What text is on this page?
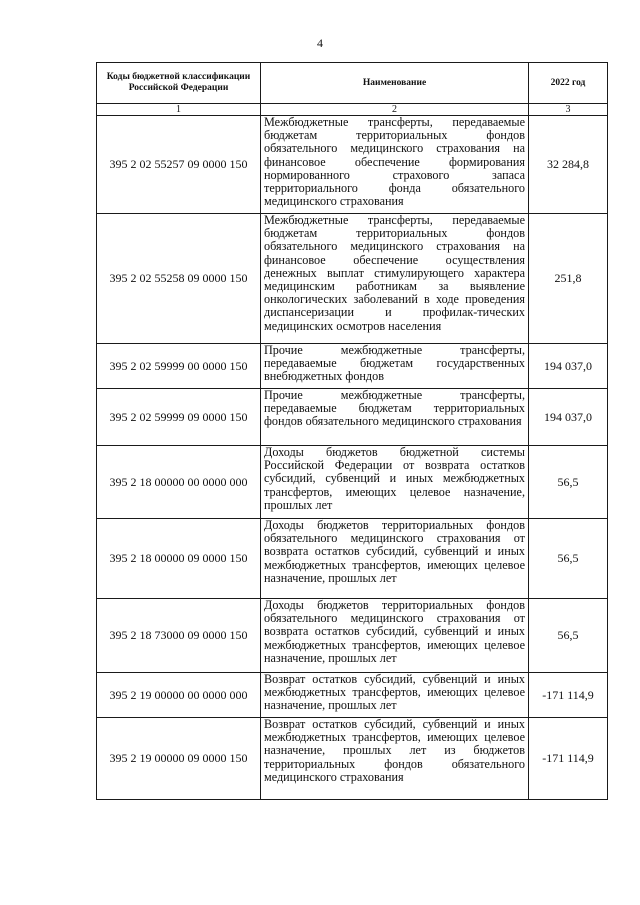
4
Коды бюджетной классификации Российской Федерации	Наименование	2022 год
1	2	3
395 2 02 55257 09 0000 150	Межбюджетные трансферты, передаваемые бюджетам территориальных фондов обязательного медицинского страхования на финансовое обеспечение формирования нормированного страхового запаса территориального фонда обязательного медицинского страхования	32 284,8
395 2 02 55258 09 0000 150	Межбюджетные трансферты, передаваемые бюджетам территориальных фондов обязательного медицинского страхования на финансовое обеспечение осуществления денежных выплат стимулирующего характера медицинским работникам за выявление онкологических заболеваний в ходе проведения диспансеризации и профилак-тических медицинских осмотров населения	251,8
395 2 02 59999 00 0000 150	Прочие межбюджетные трансферты, передаваемые бюджетам государственных внебюджетных фондов	194 037,0
395 2 02 59999 09 0000 150	Прочие межбюджетные трансферты, передаваемые бюджетам территориальных фондов обязательного медицинского страхования	194 037,0
395 2 18 00000 00 0000 000	Доходы бюджетов бюджетной системы Российской Федерации от возврата остатков субсидий, субвенций и иных межбюджетных трансфертов, имеющих целевое назначение, прошлых лет	56,5
395 2 18 00000 09 0000 150	Доходы бюджетов территориальных фондов обязательного медицинского страхования от возврата остатков субсидий, субвенций и иных межбюджетных трансфертов, имеющих целевое назначение, прошлых лет	56,5
395 2 18 73000 09 0000 150	Доходы бюджетов территориальных фондов обязательного медицинского страхования от возврата остатков субсидий, субвенций и иных межбюджетных трансфертов, имеющих целевое назначение, прошлых лет	56,5
395 2 19 00000 00 0000 000	Возврат остатков субсидий, субвенций и иных межбюджетных трансфертов, имеющих целевое назначение, прошлых лет	-171 114,9
395 2 19 00000 09 0000 150	Возврат остатков субсидий, субвенций и иных межбюджетных трансфертов, имеющих целевое назначение, прошлых лет из бюджетов территориальных фондов обязательного медицинского страхования	-171 114,9
